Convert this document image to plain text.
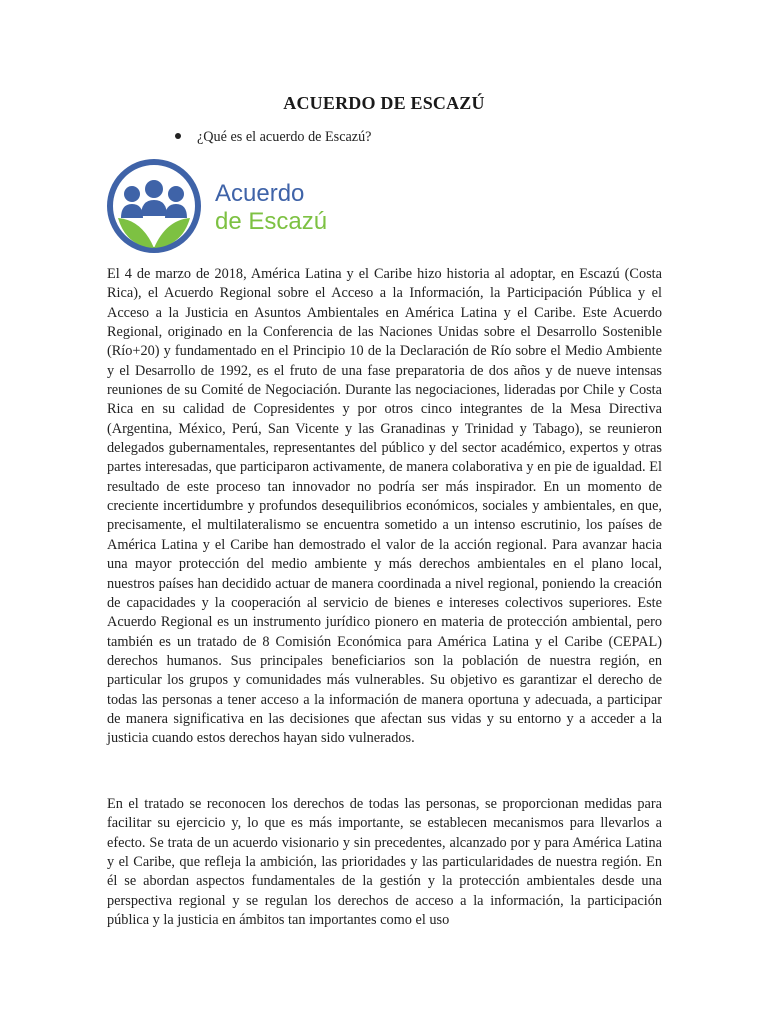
ACUERDO DE ESCAZÚ
¿Qué es el acuerdo de Escazú?
Acuerdo
de Escazú

El 4 de marzo de 2018, América Latina y el Caribe hizo historia al adoptar, en Escazú (Costa Rica), el Acuerdo Regional sobre el Acceso a la Información, la Participación Pública y el Acceso a la Justicia en Asuntos Ambientales en América Latina y el Caribe. Este Acuerdo Regional, originado en la Conferencia de las Naciones Unidas sobre el Desarrollo Sostenible (Río+20) y fundamentado en el Principio 10 de la Declaración de Río sobre el Medio Ambiente y el Desarrollo de 1992, es el fruto de una fase preparatoria de dos años y de nueve intensas reuniones de su Comité de Negociación. Durante las negociaciones, lideradas por Chile y Costa Rica en su calidad de Copresidentes y por otros cinco integrantes de la Mesa Directiva (Argentina, México, Perú, San Vicente y las Granadinas y Trinidad y Tabago), se reunieron delegados gubernamentales, representantes del público y del sector académico, expertos y otras partes interesadas, que participaron activamente, de manera colaborativa y en pie de igualdad. El resultado de este proceso tan innovador no podría ser más inspirador. En un momento de creciente incertidumbre y profundos desequilibrios económicos, sociales y ambientales, en que, precisamente, el multilateralismo se encuentra sometido a un intenso escrutinio, los países de América Latina y el Caribe han demostrado el valor de la acción regional. Para avanzar hacia una mayor protección del medio ambiente y más derechos ambientales en el plano local, nuestros países han decidido actuar de manera coordinada a nivel regional, poniendo la creación de capacidades y la cooperación al servicio de bienes e intereses colectivos superiores. Este Acuerdo Regional es un instrumento jurídico pionero en materia de protección ambiental, pero también es un tratado de 8 Comisión Económica para América Latina y el Caribe (CEPAL) derechos humanos. Sus principales beneficiarios son la población de nuestra región, en particular los grupos y comunidades más vulnerables. Su objetivo es garantizar el derecho de todas las personas a tener acceso a la información de manera oportuna y adecuada, a participar de manera significativa en las decisiones que afectan sus vidas y su entorno y a acceder a la justicia cuando estos derechos hayan sido vulnerados.

En el tratado se reconocen los derechos de todas las personas, se proporcionan medidas para facilitar su ejercicio y, lo que es más importante, se establecen mecanismos para llevarlos a efecto. Se trata de un acuerdo visionario y sin precedentes, alcanzado por y para América Latina y el Caribe, que refleja la ambición, las prioridades y las particularidades de nuestra región. En él se abordan aspectos fundamentales de la gestión y la protección ambientales desde una perspectiva regional y se regulan los derechos de acceso a la información, la participación pública y la justicia en ámbitos tan importantes como el uso
